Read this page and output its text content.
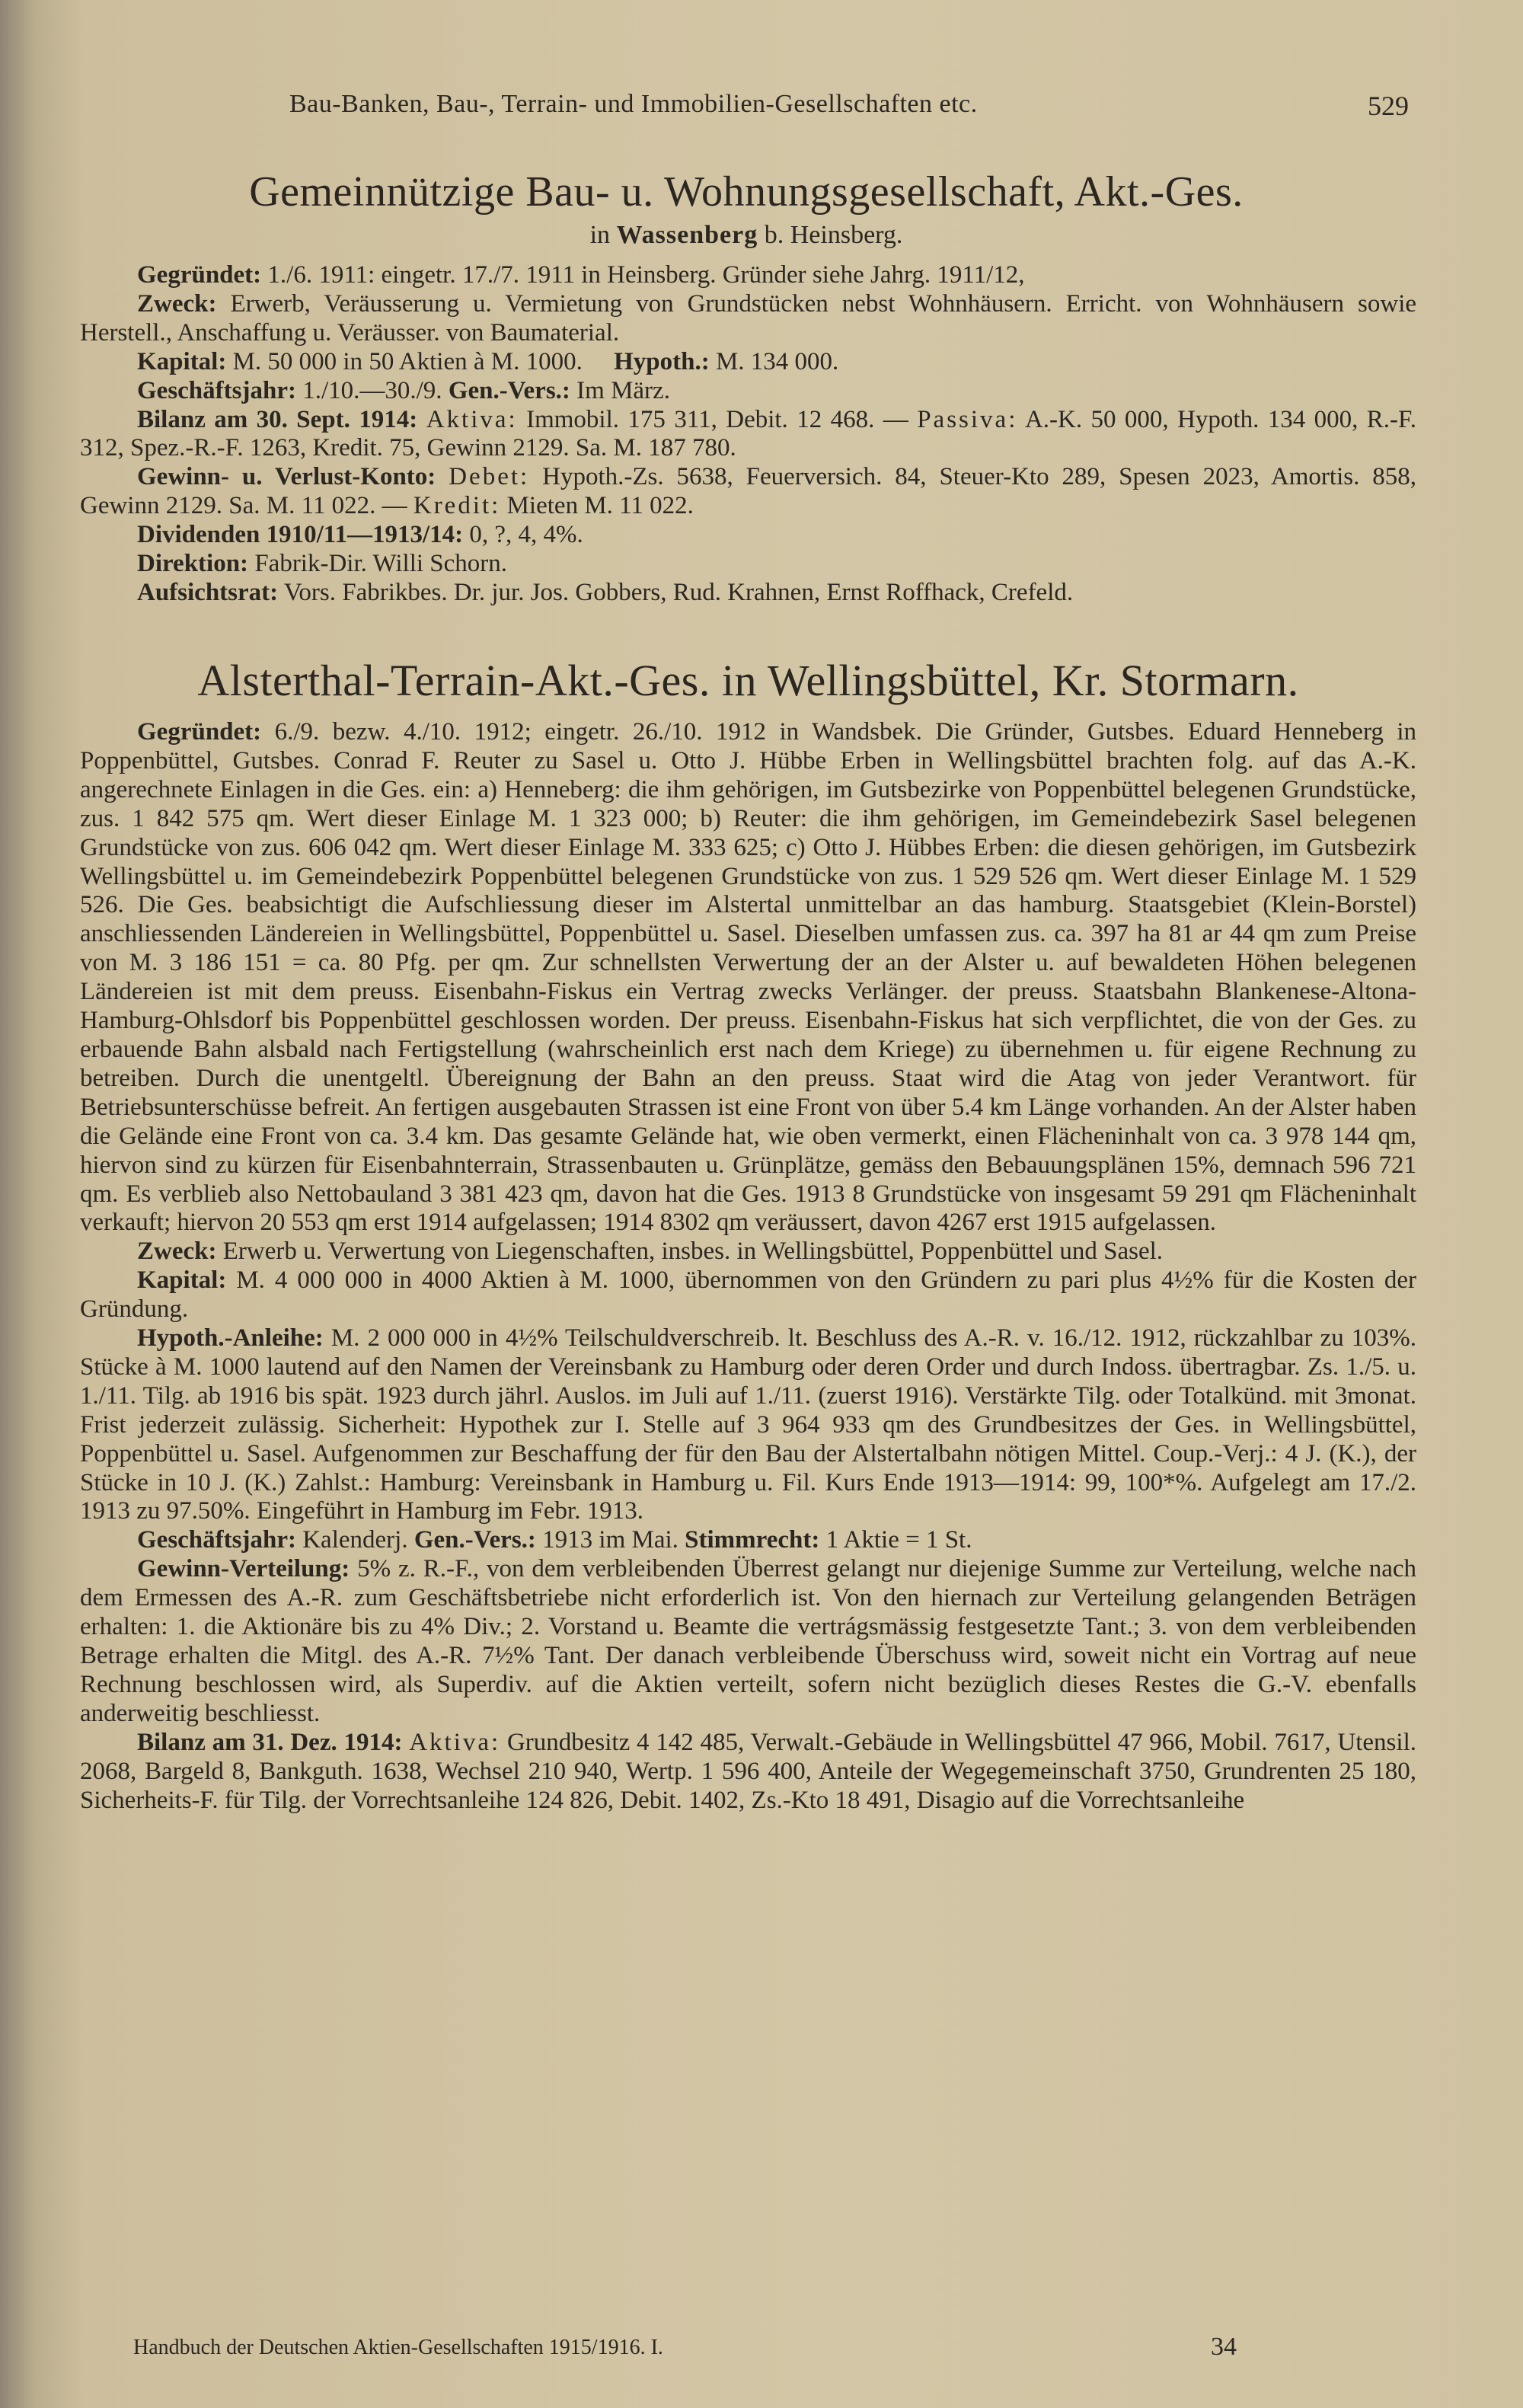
Bau-Banken, Bau-, Terrain- und Immobilien-Gesellschaften etc.	529
Gemeinnützige Bau- u. Wohnungsgesellschaft, Akt.-Ges.
in Wassenberg b. Heinsberg.

Gegründet: 1./6. 1911: eingetr. 17./7. 1911 in Heinsberg. Gründer siehe Jahrg. 1911/12,

Zweck: Erwerb, Veräusserung u. Vermietung von Grundstücken nebst Wohnhäusern. Erricht. von Wohnhäusern sowie Herstell., Anschaffung u. Veräusser. von Baumaterial.

Kapital: M. 50 000 in 50 Aktien à M. 1000. Hypoth.: M. 134 000.

Geschäftsjahr: 1./10.—30./9. Gen.-Vers.: Im März.

Bilanz am 30. Sept. 1914: Aktiva: Immobil. 175 311, Debit. 12 468. — Passiva: A.-K. 50 000, Hypoth. 134 000, R.-F. 312, Spez.-R.-F. 1263, Kredit. 75, Gewinn 2129. Sa. M. 187 780.

Gewinn- u. Verlust-Konto: Debet: Hypoth.-Zs. 5638, Feuerversich. 84, Steuer-Kto 289, Spesen 2023, Amortis. 858, Gewinn 2129. Sa. M. 11 022. — Kredit: Mieten M. 11 022.

Dividenden 1910/11—1913/14: 0, ?, 4, 4%.

Direktion: Fabrik-Dir. Willi Schorn.

Aufsichtsrat: Vors. Fabrikbes. Dr. jur. Jos. Gobbers, Rud. Krahnen, Ernst Roffhack, Crefeld.

Alsterthal-Terrain-Akt.-Ges. in Wellingsbüttel, Kr. Stormarn.

Gegründet: 6./9. bezw. 4./10. 1912; eingetr. 26./10. 1912 in Wandsbek. Die Gründer, Gutsbes. Eduard Henneberg in Poppenbüttel, Gutsbes. Conrad F. Reuter zu Sasel u. Otto J. Hübbe Erben in Wellingsbüttel brachten folg. auf das A.-K. angerechnete Einlagen in die Ges. ein: a) Henneberg: die ihm gehörigen, im Gutsbezirke von Poppenbüttel belegenen Grundstücke, zus. 1 842 575 qm. Wert dieser Einlage M. 1 323 000; b) Reuter: die ihm gehörigen, im Gemeindebezirk Sasel belegenen Grundstücke von zus. 606 042 qm. Wert dieser Einlage M. 333 625; c) Otto J. Hübbes Erben: die diesen gehörigen, im Gutsbezirk Wellingsbüttel u. im Gemeindebezirk Poppenbüttel belegenen Grundstücke von zus. 1 529 526 qm. Wert dieser Einlage M. 1 529 526. Die Ges. beabsichtigt die Aufschliessung dieser im Alstertal unmittelbar an das hamburg. Staatsgebiet (Klein-Borstel) anschliessenden Ländereien in Wellingsbüttel, Poppenbüttel u. Sasel. Dieselben umfassen zus. ca. 397 ha 81 ar 44 qm zum Preise von M. 3 186 151 = ca. 80 Pfg. per qm. Zur schnellsten Verwertung der an der Alster u. auf bewaldeten Höhen belegenen Ländereien ist mit dem preuss. Eisenbahn-Fiskus ein Vertrag zwecks Verlänger. der preuss. Staatsbahn Blankenese-Altona-Hamburg-Ohlsdorf bis Poppenbüttel geschlossen worden. Der preuss. Eisenbahn-Fiskus hat sich verpflichtet, die von der Ges. zu erbauende Bahn alsbald nach Fertigstellung (wahrscheinlich erst nach dem Kriege) zu übernehmen u. für eigene Rechnung zu betreiben. Durch die unentgeltl. Übereignung der Bahn an den preuss. Staat wird die Atag von jeder Verantwort. für Betriebsunterschüsse befreit. An fertigen ausgebauten Strassen ist eine Front von über 5.4 km Länge vorhanden. An der Alster haben die Gelände eine Front von ca. 3.4 km. Das gesamte Gelände hat, wie oben vermerkt, einen Flächeninhalt von ca. 3 978 144 qm, hiervon sind zu kürzen für Eisenbahnterrain, Strassenbauten u. Grünplätze, gemäss den Bebauungsplänen 15%, demnach 596 721 qm. Es verblieb also Nettobauland 3 381 423 qm, davon hat die Ges. 1913 8 Grundstücke von insgesamt 59 291 qm Flächeninhalt verkauft; hiervon 20 553 qm erst 1914 aufgelassen; 1914 8302 qm veräussert, davon 4267 erst 1915 aufgelassen.

Zweck: Erwerb u. Verwertung von Liegenschaften, insbes. in Wellingsbüttel, Poppenbüttel und Sasel.

Kapital: M. 4 000 000 in 4000 Aktien à M. 1000, übernommen von den Gründern zu pari plus 4½% für die Kosten der Gründung.

Hypoth.-Anleihe: M. 2 000 000 in 4½% Teilschuldverschreib. lt. Beschluss des A.-R. v. 16./12. 1912, rückzahlbar zu 103%. Stücke à M. 1000 lautend auf den Namen der Vereinsbank zu Hamburg oder deren Order und durch Indoss. übertragbar. Zs. 1./5. u. 1./11. Tilg. ab 1916 bis spät. 1923 durch jährl. Auslos. im Juli auf 1./11. (zuerst 1916). Verstärkte Tilg. oder Totalkünd. mit 3monat. Frist jederzeit zulässig. Sicherheit: Hypothek zur I. Stelle auf 3 964 933 qm des Grundbesitzes der Ges. in Wellingsbüttel, Poppenbüttel u. Sasel. Aufgenommen zur Beschaffung der für den Bau der Alstertalbahn nötigen Mittel. Coup.-Verj.: 4 J. (K.), der Stücke in 10 J. (K.) Zahlst.: Hamburg: Vereinsbank in Hamburg u. Fil. Kurs Ende 1913—1914: 99, 100*%. Aufgelegt am 17./2. 1913 zu 97.50%. Eingeführt in Hamburg im Febr. 1913.

Geschäftsjahr: Kalenderj. Gen.-Vers.: 1913 im Mai. Stimmrecht: 1 Aktie = 1 St.

Gewinn-Verteilung: 5% z. R.-F., von dem verbleibenden Überrest gelangt nur diejenige Summe zur Verteilung, welche nach dem Ermessen des A.-R. zum Geschäftsbetriebe nicht erforderlich ist. Von den hiernach zur Verteilung gelangenden Beträgen erhalten: 1. die Aktionäre bis zu 4% Div.; 2. Vorstand u. Beamte die vertrágsmässig festgesetzte Tant.; 3. von dem verbleibenden Betrage erhalten die Mitgl. des A.-R. 7½% Tant. Der danach verbleibende Überschuss wird, soweit nicht ein Vortrag auf neue Rechnung beschlossen wird, als Superdiv. auf die Aktien verteilt, sofern nicht bezüglich dieses Restes die G.-V. ebenfalls anderweitig beschliesst.

Bilanz am 31. Dez. 1914: Aktiva: Grundbesitz 4 142 485, Verwalt.-Gebäude in Wellingsbüttel 47 966, Mobil. 7617, Utensil. 2068, Bargeld 8, Bankguth. 1638, Wechsel 210 940, Wertp. 1 596 400, Anteile der Wegegemeinschaft 3750, Grundrenten 25 180, Sicherheits-F. für Tilg. der Vorrechtsanleihe 124 826, Debit. 1402, Zs.-Kto 18 491, Disagio auf die Vorrechtsanleihe

Handbuch der Deutschen Aktien-Gesellschaften 1915/1916. I.	34
